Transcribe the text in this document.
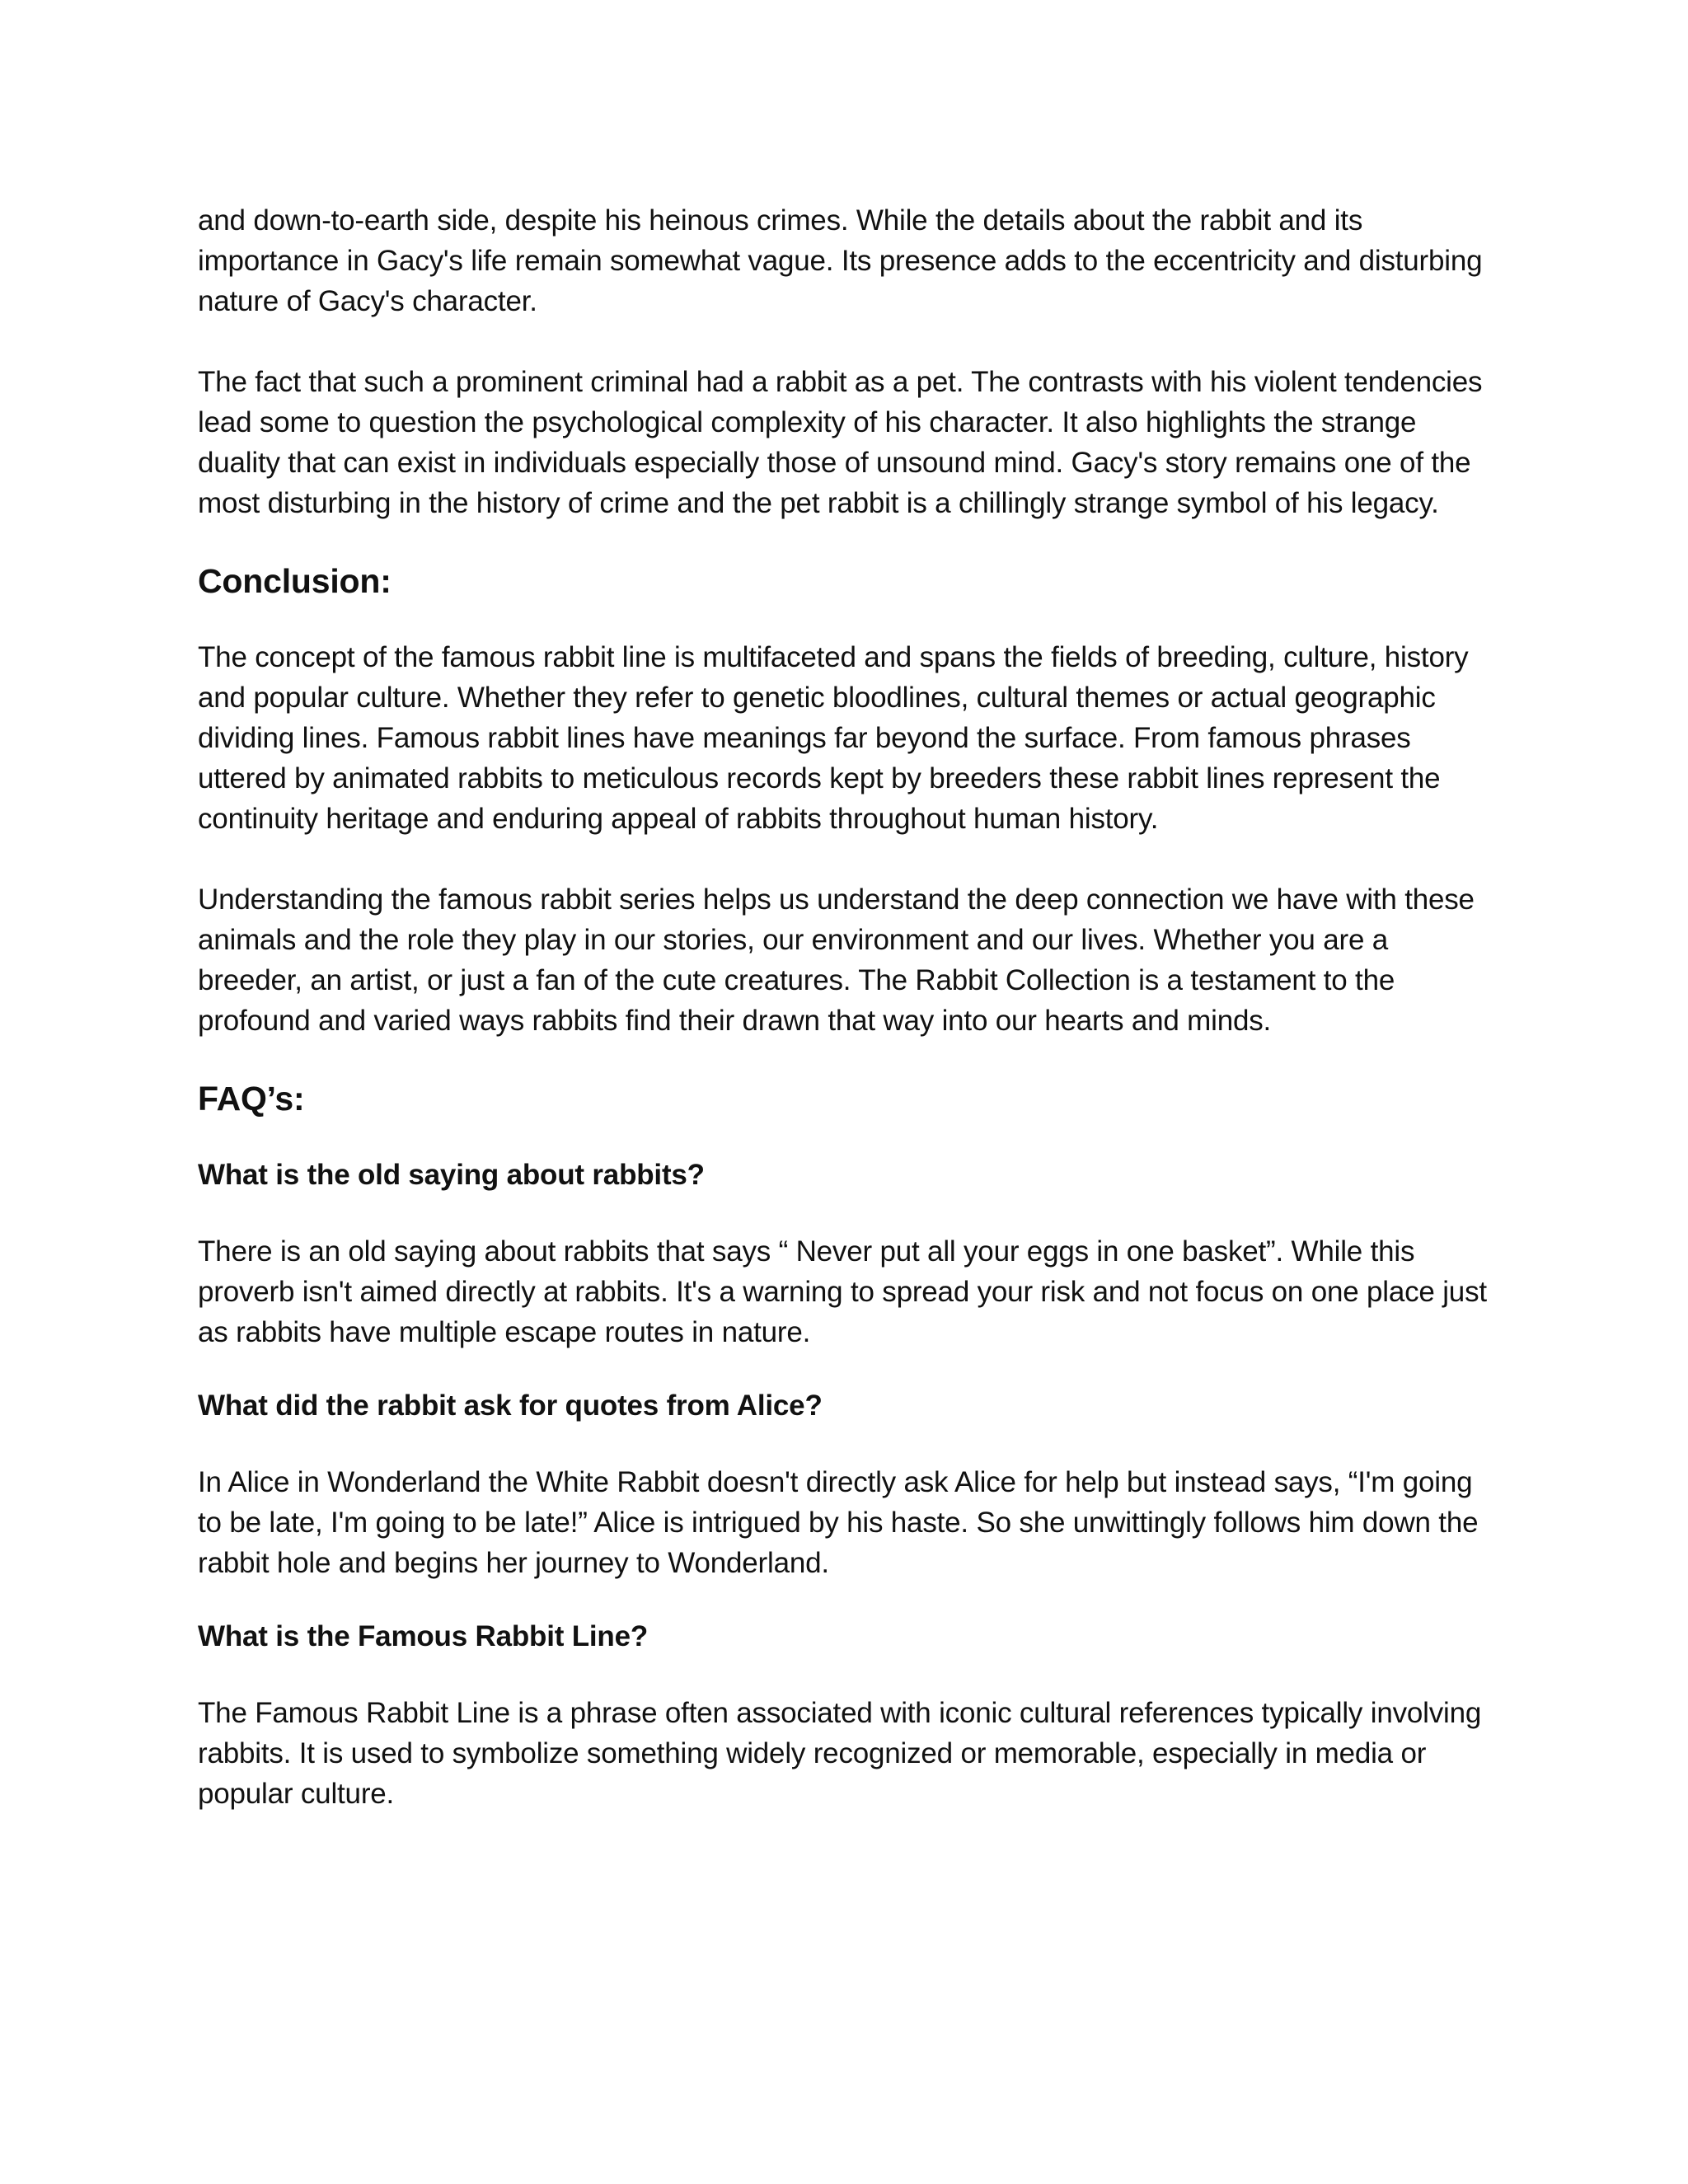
and down-to-earth side, despite his heinous crimes. While the details about the rabbit and its importance in Gacy's life remain somewhat vague. Its presence adds to the eccentricity and disturbing nature of Gacy's character.

The fact that such a prominent criminal had a rabbit as a pet. The contrasts with his violent tendencies lead some to question the psychological complexity of his character. It also highlights the strange duality that can exist in individuals especially those of unsound mind. Gacy's story remains one of the most disturbing in the history of crime and the pet rabbit is a chillingly strange symbol of his legacy.

Conclusion:

The concept of the famous rabbit line is multifaceted and spans the fields of breeding, culture, history and popular culture. Whether they refer to genetic bloodlines, cultural themes or actual geographic dividing lines. Famous rabbit lines have meanings far beyond the surface. From famous phrases uttered by animated rabbits to meticulous records kept by breeders these rabbit lines represent the continuity heritage and enduring appeal of rabbits throughout human history.

Understanding the famous rabbit series helps us understand the deep connection we have with these animals and the role they play in our stories, our environment and our lives. Whether you are a breeder, an artist, or just a fan of the cute creatures. The Rabbit Collection is a testament to the profound and varied ways rabbits find their drawn that way into our hearts and minds.

FAQ’s:

What is the old saying about rabbits?

There is an old saying about rabbits that says “ Never put all your eggs in one basket”. While this proverb isn't aimed directly at rabbits. It's a warning to spread your risk and not focus on one place just as rabbits have multiple escape routes in nature.

What did the rabbit ask for quotes from Alice?

In Alice in Wonderland the White Rabbit doesn't directly ask Alice for help but instead says, “I'm going to be late, I'm going to be late!” Alice is intrigued by his haste. So she unwittingly follows him down the rabbit hole and begins her journey to Wonderland.

What is the Famous Rabbit Line?

The Famous Rabbit Line is a phrase often associated with iconic cultural references typically involving rabbits. It is used to symbolize something widely recognized or memorable, especially in media or popular culture.
